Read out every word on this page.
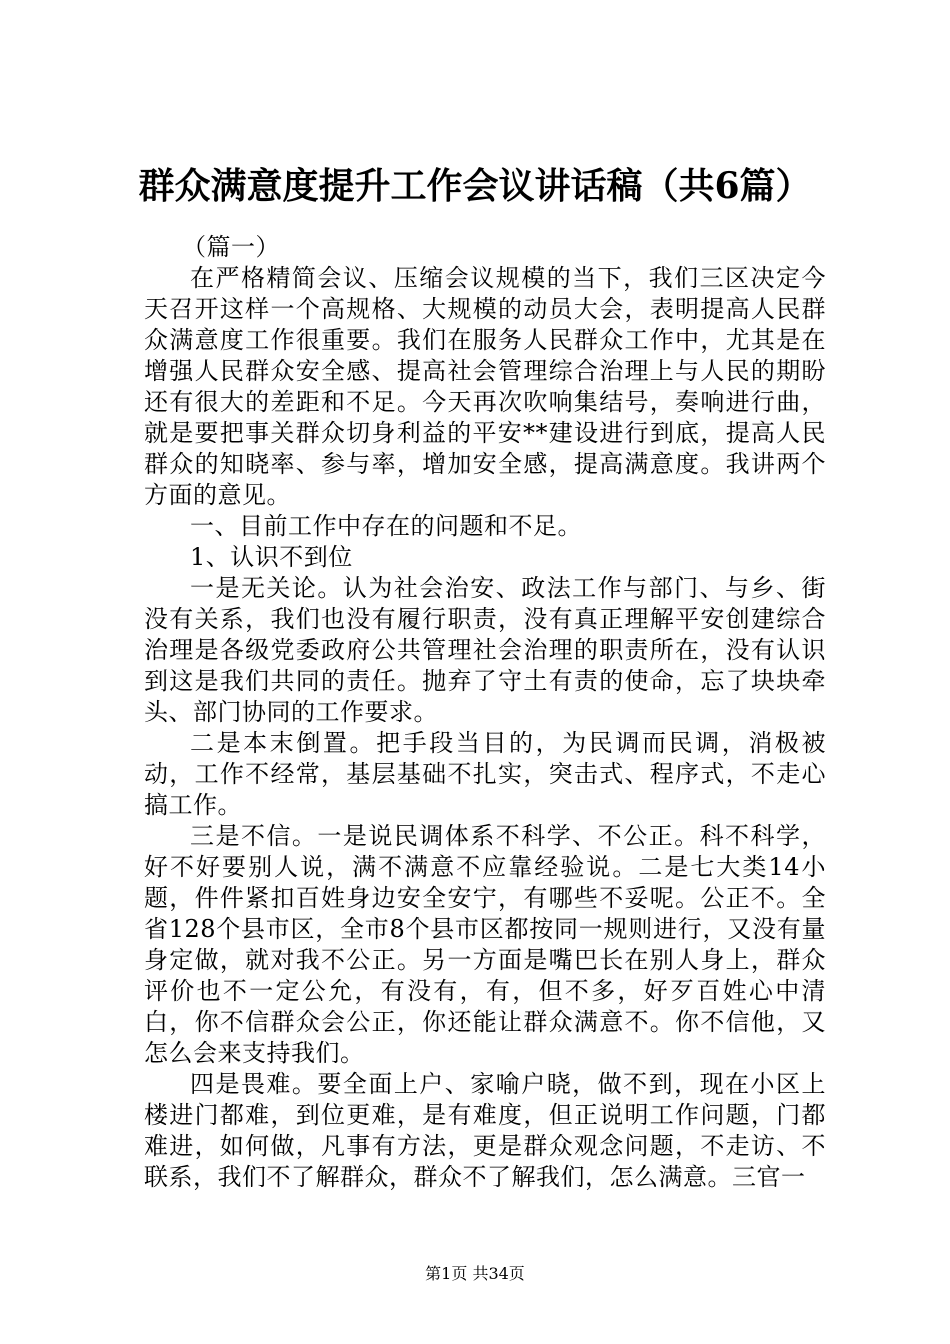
群众满意度提升工作会议讲话稿（共6篇）

（篇一）

在严格精简会议、压缩会议规模的当下，我们三区决定今天召开这样一个高规格、大规模的动员大会，表明提高人民群众满意度工作很重要。我们在服务人民群众工作中，尤其是在增强人民群众安全感、提高社会管理综合治理上与人民的期盼还有很大的差距和不足。今天再次吹响集结号，奏响进行曲，就是要把事关群众切身利益的平安**建设进行到底，提高人民群众的知晓率、参与率，增加安全感，提高满意度。我讲两个方面的意见。

一、目前工作中存在的问题和不足。

1、认识不到位

一是无关论。认为社会治安、政法工作与部门、与乡、街没有关系，我们也没有履行职责，没有真正理解平安创建综合治理是各级党委政府公共管理社会治理的职责所在，没有认识到这是我们共同的责任。抛弃了守土有责的使命，忘了块块牵头、部门协同的工作要求。

二是本末倒置。把手段当目的，为民调而民调，消极被动，工作不经常，基层基础不扎实，突击式、程序式，不走心搞工作。

三是不信。一是说民调体系不科学、不公正。科不科学，好不好要别人说，满不满意不应靠经验说。二是七大类14小题，件件紧扣百姓身边安全安宁，有哪些不妥呢。公正不。全省128个县市区，全市8个县市区都按同一规则进行，又没有量身定做，就对我不公正。另一方面是嘴巴长在别人身上，群众评价也不一定公允，有没有，有，但不多，好歹百姓心中清白，你不信群众会公正，你还能让群众满意不。你不信他，又怎么会来支持我们。

四是畏难。要全面上户、家喻户晓，做不到，现在小区上楼进门都难，到位更难，是有难度，但正说明工作问题，门都难进，如何做，凡事有方法，更是群众观念问题，不走访、不联系，我们不了解群众，群众不了解我们，怎么满意。三官一

第1页 共34页
